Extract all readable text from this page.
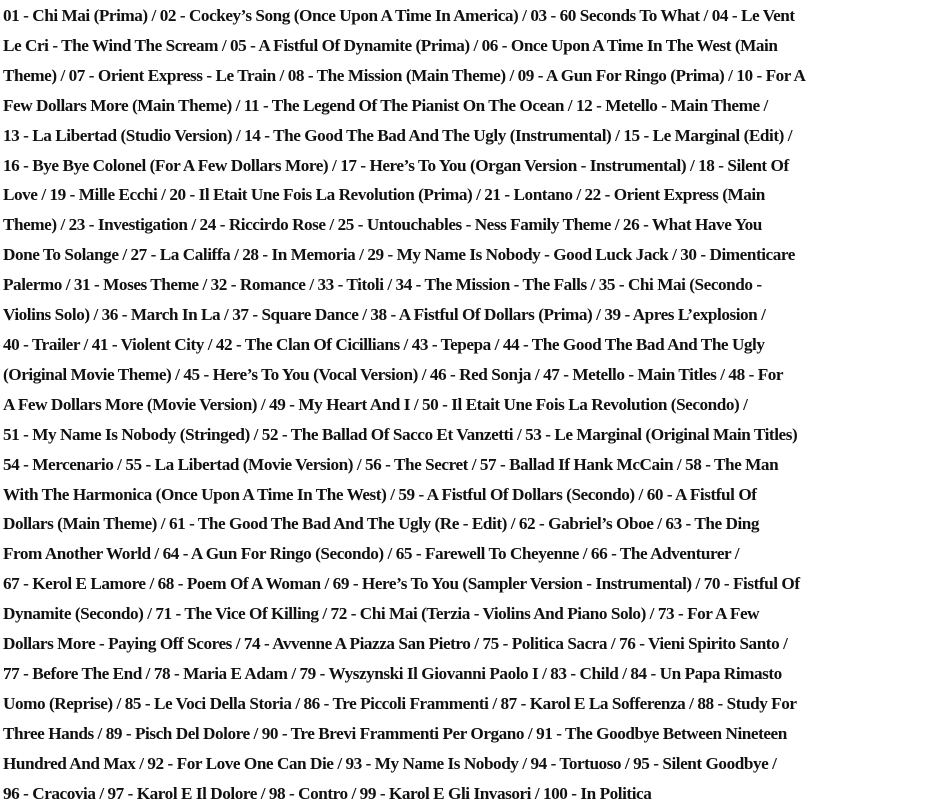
01 - Chi Mai (Prima) / 02 - Cockey’s Song (Once Upon A Time In America) / 03 - 60 Seconds To What / 04 - Le Vent
Le Cri - The Wind The Scream / 05 - A Fistful Of Dynamite (Prima) / 06 - Once Upon A Time In The West (Main
Theme) / 07 - Orient Express - Le Train / 08 - The Mission (Main Theme) / 09 - A Gun For Ringo (Prima) / 10 - For A
Few Dollars More (Main Theme) / 11 - The Legend Of The Pianist On The Ocean / 12 - Metello - Main Theme /
13 - La Libertad (Studio Version) / 14 - The Good The Bad And The Ugly (Instrumental) / 15 - Le Marginal (Edit) /
16 - Bye Bye Colonel (For A Few Dollars More) / 17 - Here’s To You (Organ Version - Instrumental) / 18 - Silent Of
Love / 19 - Mille Ecchi / 20 - Il Etait Une Fois La Revolution (Prima) / 21 - Lontano / 22 - Orient Express (Main
Theme) / 23 - Investigation / 24 - Riccirdo Rose / 25 - Untouchables - Ness Family Theme / 26 - What Have You
Done To Solange / 27 - La Califfa / 28 - In Memoria / 29 - My Name Is Nobody - Good Luck Jack / 30 - Dimenticare
Palermo / 31 - Moses Theme / 32 - Romance / 33 - Titoli / 34 - The Mission - The Falls / 35 - Chi Mai (Secondo -
Violins Solo) / 36 - March In La / 37 - Square Dance / 38 - A Fistful Of Dollars (Prima) / 39 - Apres L’explosion /
40 - Trailer / 41 - Violent City / 42 - The Clan Of Cicillians / 43 - Tepepa / 44 - The Good The Bad And The Ugly
(Original Movie Theme) / 45 - Here’s To You (Vocal Version) / 46 - Red Sonja / 47 - Metello - Main Titles / 48 - For
A Few Dollars More (Movie Version) / 49 - My Heart And I / 50 - Il Etait Une Fois La Revolution (Secondo) /
51 - My Name Is Nobody (Stringed) / 52 - The Ballad Of Sacco Et Vanzetti / 53 - Le Marginal (Original Main Titles)
54 - Mercenario / 55 - La Libertad (Movie Version) / 56 - The Secret / 57 - Ballad If Hank McCain / 58 - The Man
With The Harmonica (Once Upon A Time In The West) / 59 - A Fistful Of Dollars (Secondo) / 60 - A Fistful Of
Dollars (Main Theme) / 61 - The Good The Bad And The Ugly (Re - Edit) / 62 - Gabriel’s Oboe / 63 - The Ding
From Another World / 64 - A Gun For Ringo (Secondo) / 65 - Farewell To Cheyenne / 66 - The Adventurer /
67 - Kerol E Lamore / 68 - Poem Of A Woman / 69 - Here’s To You (Sampler Version - Instrumental) / 70 - Fistful Of
Dynamite (Secondo) / 71 - The Vice Of Killing / 72 - Chi Mai (Terzia - Violins And Piano Solo) / 73 - For A Few
Dollars More - Paying Off Scores / 74 - Avvenne A Piazza San Pietro / 75 - Politica Sacra / 76 - Vieni Spirito Santo /
77 - Before The End / 78 - Maria E Adam / 79 - Wyszynski Il Giovanni Paolo I / 83 - Child / 84 - Un Papa Rimasto
Uomo (Reprise) / 85 - Le Voci Della Storia / 86 - Tre Piccoli Frammenti / 87 - Karol E La Sofferenza / 88 - Study For
Three Hands / 89 - Pisch Del Dolore / 90 - Tre Brevi Frammenti Per Organo / 91 - The Goodbye Between Nineteen
Hundred And Max / 92 - For Love One Can Die / 93 - My Name Is Nobody / 94 - Tortuoso / 95 - Silent Goodbye /
96 - Cracovia / 97 - Karol E Il Dolore / 98 - Contro / 99 - Karol E Gli Invasori / 100 - In Politica
